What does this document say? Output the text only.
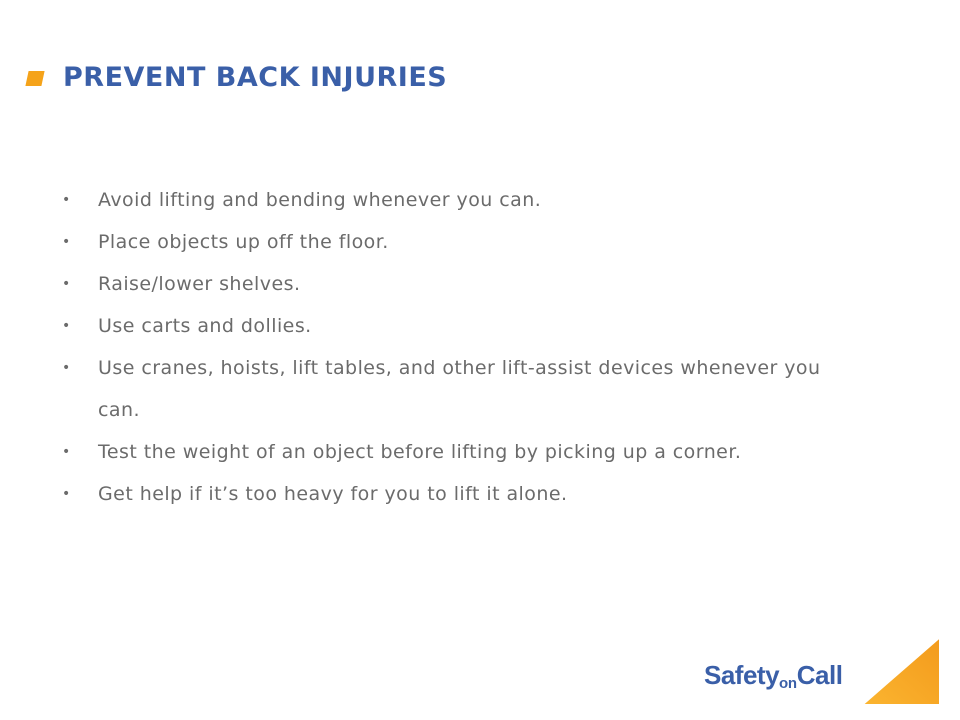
PREVENT BACK INJURIES
• Avoid lifting and bending whenever you can.
• Place objects up off the floor.
• Raise/lower shelves.
• Use carts and dollies.
• Use cranes, hoists, lift tables, and other lift-assist devices whenever you can.
• Test the weight of an object before lifting by picking up a corner.
• Get help if it’s too heavy for you to lift it alone.
SafetyonCall
